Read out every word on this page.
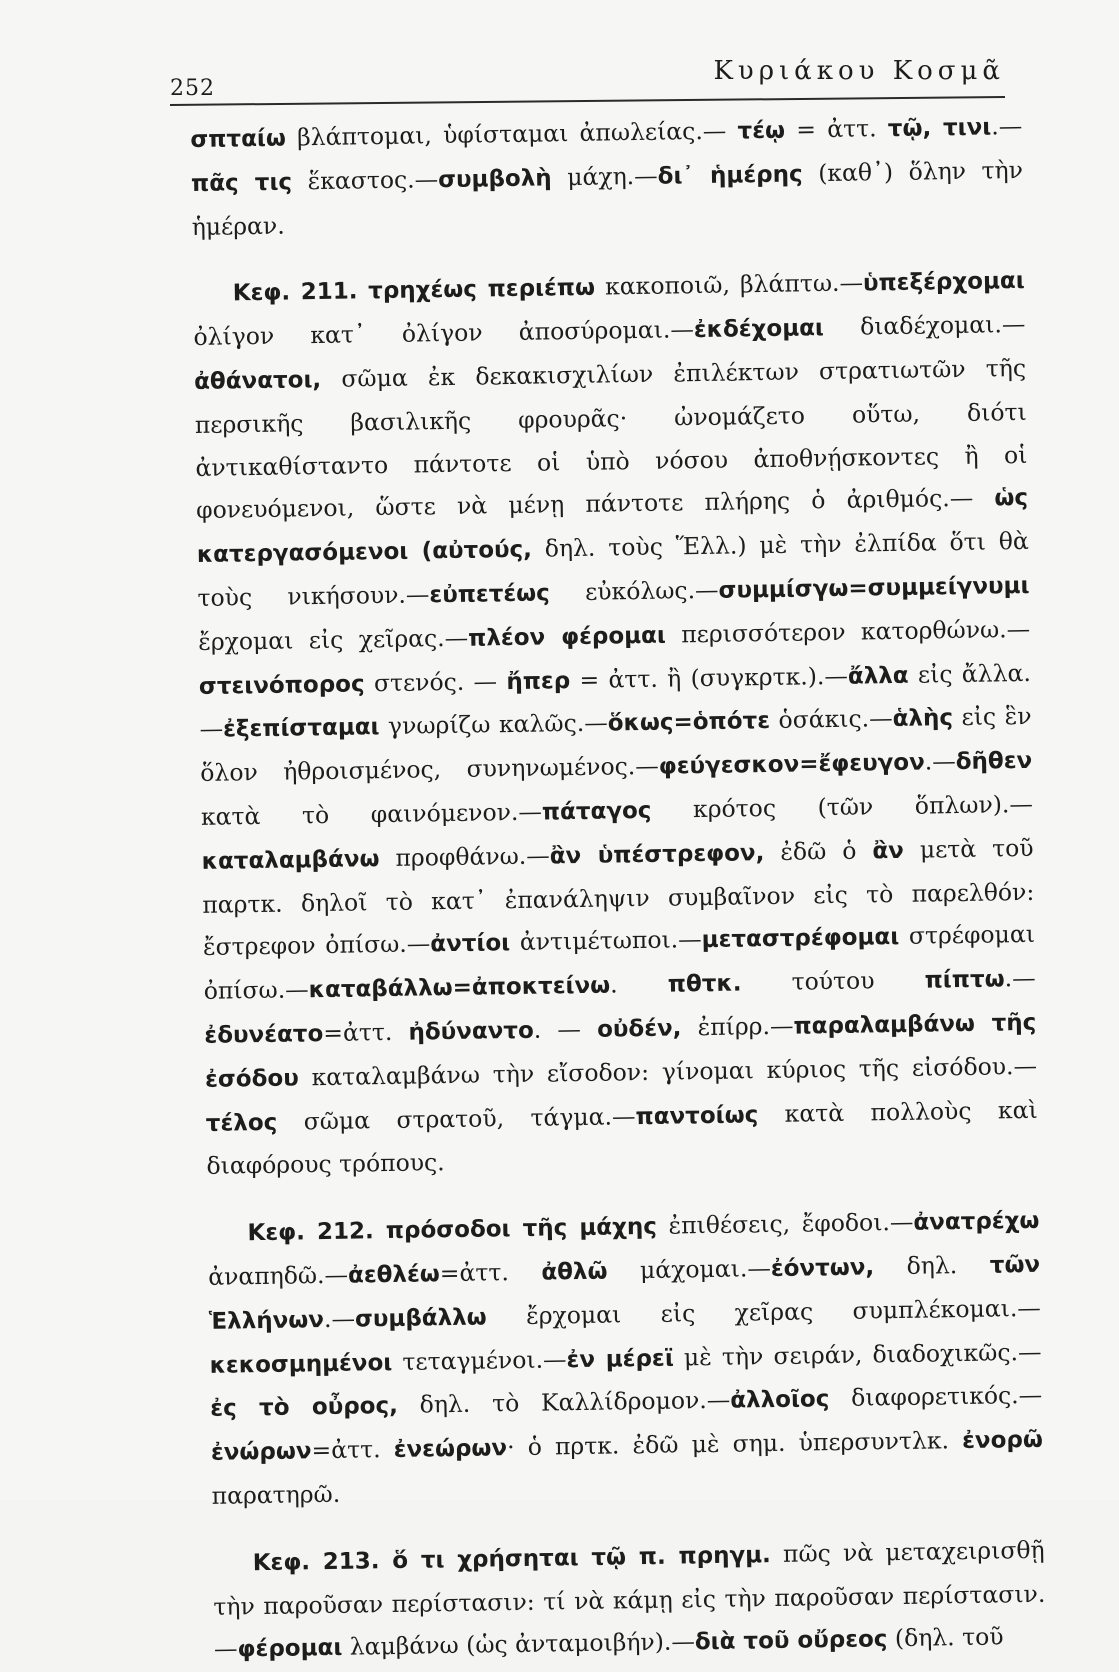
252
Κυριάκου Κοσμᾶ

σπταίω βλάπτομαι, ὑφίσταμαι ἀπωλείας.— τέῳ = ἀττ. τῷ, τινι.—πᾶς τις ἕκαστος.—συμβολὴ μάχη.—δι᾿ ἡμέρης (καθ᾿) ὅλην τὴν ἡμέραν.

Κεφ. 211. τρηχέως περιέπω κακοποιῶ, βλάπτω.—ὑπεξέρχομαι ὀλίγον κατ᾿ ὀλίγον ἀποσύρομαι.—ἐκδέχομαι διαδέχομαι.—ἀθάνατοι, σῶμα ἐκ δεκακισχιλίων ἐπιλέκτων στρατιωτῶν τῆς περσικῆς βασιλικῆς φρουρᾶς· ὠνομάζετο οὕτω, διότι ἀντικαθίσταντο πάντοτε οἱ ὑπὸ νόσου ἀποθνῄσκοντες ἢ οἱ φονευόμενοι, ὥστε νὰ μένῃ πάντοτε πλήρης ὁ ἀριθμός.— ὡς κατεργασόμενοι (αὐτούς, δηλ. τοὺς Ἕλλ.) μὲ τὴν ἐλπίδα ὅτι θὰ τοὺς νικήσουν.—εὐπετέως εὐκόλως.—συμμίσγω=συμμείγνυμι ἔρχομαι εἰς χεῖρας.—πλέον φέρομαι περισσότερον κατορθώνω.—στεινόπορος στενός. — ἤπερ = ἀττ. ἢ (συγκρτκ.).—ἄλλα εἰς ἄλλα.—ἐξεπίσταμαι γνωρίζω καλῶς.—ὅκως=ὁπότε ὁσάκις.—ἁλὴς εἰς ἓν ὅλον ἠθροισμένος, συνηνωμένος.—φεύγεσκον=ἔφευγον.—δῆθεν κατὰ τὸ φαινόμενον.—πάταγος κρότος (τῶν ὅπλων).—καταλαμβάνω προφθάνω.—ἂν ὑπέστρεφον, ἐδῶ ὁ ἂν μετὰ τοῦ παρτκ. δηλοῖ τὸ κατ᾿ ἐπανάληψιν συμβαῖνον εἰς τὸ παρελθόν: ἔστρεφον ὀπίσω.—ἀντίοι ἀντιμέτωποι.—μεταστρέφομαι στρέφομαι ὀπίσω.—καταβάλλω=ἀποκτείνω. πθτκ. τούτου πίπτω.—ἐδυνέατο=ἀττ. ἠδύναντο. — οὐδέν, ἐπίρρ.—παραλαμβάνω τῆς ἐσόδου καταλαμβάνω τὴν εἴσοδον: γίνομαι κύριος τῆς εἰσόδου.—τέλος σῶμα στρατοῦ, τάγμα.—παντοίως κατὰ πολλοὺς καὶ διαφόρους τρόπους.

Κεφ. 212. πρόσοδοι τῆς μάχης ἐπιθέσεις, ἔφοδοι.—ἀνατρέχω ἀναπηδῶ.—ἀεθλέω=ἀττ. ἀθλῶ μάχομαι.—ἐόντων, δηλ. τῶν Ἑλλήνων.—συμβάλλω ἔρχομαι εἰς χεῖρας συμπλέκομαι.—κεκοσμημένοι τεταγμένοι.—ἐν μέρεϊ μὲ τὴν σειράν, διαδοχικῶς.—ἐς τὸ οὖρος, δηλ. τὸ Καλλίδρομον.—ἀλλοῖος διαφορετικός.—ἐνώρων=ἀττ. ἐνεώρων· ὁ πρτκ. ἐδῶ μὲ σημ. ὑπερσυντλκ. ἐνορῶ παρατηρῶ.

Κεφ. 213. ὅ τι χρήσηται τῷ π. πρηγμ. πῶς νὰ μεταχειρισθῇ τὴν παροῦσαν περίστασιν: τί νὰ κάμῃ εἰς τὴν παροῦσαν περίστασιν.—φέρομαι λαμβάνω (ὡς ἀνταμοιβήν).—διὰ τοῦ οὔρεος (δηλ. τοῦ
